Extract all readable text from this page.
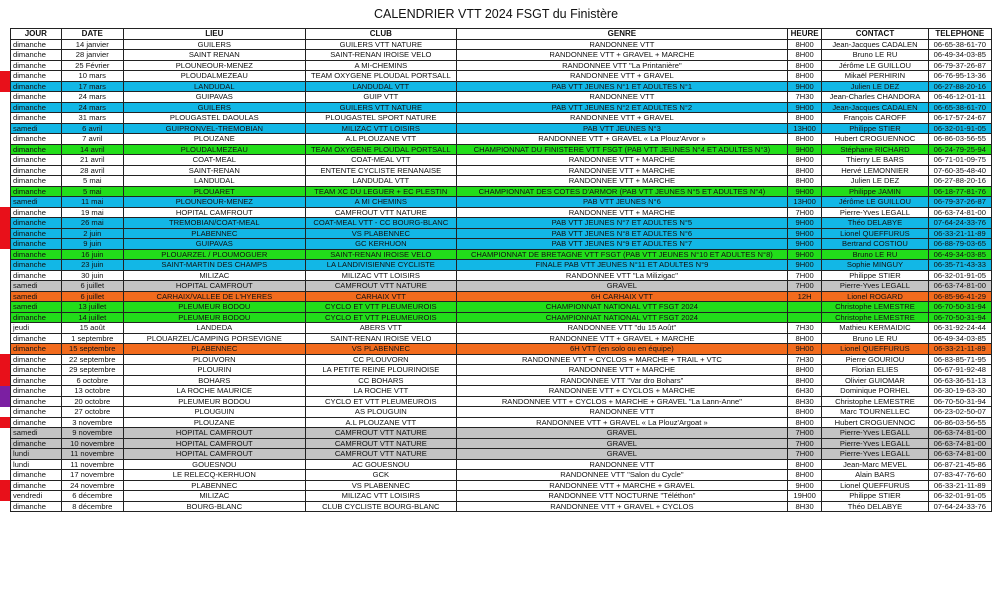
CALENDRIER VTT 2024 FSGT du Finistère
JOUR	DATE	LIEU	CLUB	GENRE	HEURE	CONTACT	TELEPHONE
dimanche	14 janvier	GUILERS	GUILERS VTT NATURE	RANDONNEE VTT	8H00	Jean-Jacques CADALEN	06-65-38-61-70
dimanche	28 janvier	SAINT RENAN	SAINT-RENAN IROISE VELO	RANDONNEE VTT + GRAVEL + MARCHE	8H00	Bruno LE RU	06-49-34-03-85
dimanche	25 Février	PLOUNEOUR-MENEZ	A MI-CHEMINS	RANDONNEE VTT "La Printanière"	8H00	Jérôme LE GUILLOU	06-79-37-26-87
dimanche	10 mars	PLOUDALMEZEAU	TEAM OXYGENE PLOUDAL PORTSALL	RANDONNEE VTT + GRAVEL	8H00	Mikaël PERHIRIN	06-76-95-13-36
dimanche	17 mars	LANDUDAL	LANDUDAL VTT	PAB VTT JEUNES N°1 ET ADULTES N°1	9H00	Julien LE DEZ	06-27-88-20-16
dimanche	24 mars	GUIPAVAS	GUIP VTT	RANDONNEE VTT	7H30	Jean-Charles CHANDORA	06-46-12-01-11
dimanche	24 mars	GUILERS	GUILERS VTT NATURE	PAB VTT JEUNES N°2 ET ADULTES N°2	9H00	Jean-Jacques CADALEN	06-65-38-61-70
dimanche	31 mars	PLOUGASTEL DAOULAS	PLOUGASTEL SPORT NATURE	RANDONNEE VTT + GRAVEL	8H00	François CAROFF	06-17-57-24-67
samedi	6 avril	GUIPRONVEL-TREMOBIAN	MILIZAC VTT LOISIRS	PAB VTT JEUNES N°3	13H00	Philippe STIER	06-32-01-91-05
dimanche	7 avril	PLOUZANE	A.L PLOUZANE VTT	RANDONNEE VTT + GRAVEL « La Plouz'Arvor »	8H00	Hubert CROGUENNOC	06-86-03-56-55
dimanche	14 avril	PLOUDALMEZEAU	TEAM OXYGENE PLOUDAL PORTSALL	CHAMPIONNAT DU FINISTERE VTT FSGT (PAB VTT JEUNES N°4 ET ADULTES N°3)	9H00	Stéphane RICHARD	06-24-79-25-94
dimanche	21 avril	COAT-MEAL	COAT-MEAL VTT	RANDONNEE VTT + MARCHE	8H00	Thierry LE BARS	06-71-01-09-75
dimanche	28 avril	SAINT-RENAN	ENTENTE CYCLISTE RENANAISE	RANDONNEE VTT + MARCHE	8H00	Hervé LEMONNIER	07-60-35-48-40
dimanche	5 mai	LANDUDAL	LANDUDAL VTT	RANDONNEE VTT + MARCHE	8H00	Julien LE DEZ	06-27-88-20-16
dimanche	5 mai	PLOUARET	TEAM XC DU LEGUER + EC PLESTIN	CHAMPIONNAT DES COTES D'ARMOR (PAB VTT JEUNES N°5 ET ADULTES N°4)	9H00	Philippe JAMIN	06-18-77-81-76
samedi	11 mai	PLOUNEOUR-MENEZ	A MI CHEMINS	PAB VTT JEUNES N°6	13H00	Jérôme LE GUILLOU	06-79-37-26-87
dimanche	19 mai	HOPITAL CAMFROUT	CAMFROUT VTT NATURE	RANDONNEE VTT + MARCHE	7H00	Pierre-Yves LEGALL	06-63-74-81-00
dimanche	26 mai	TREMOBIAN/COAT-MEAL	COAT-MEAL VTT - CC BOURG-BLANC	PAB VTT JEUNES N°7 ET ADULTES N°5	9H00	Théo DELABYE	07-64-24-33-76
dimanche	2 juin	PLABENNEC	VS PLABENNEC	PAB VTT JEUNES N°8 ET ADULTES N°6	9H00	Lionel QUEFFURUS	06-33-21-11-89
dimanche	9 juin	GUIPAVAS	GC KERHUON	PAB VTT JEUNES N°9 ET ADULTES N°7	9H00	Bertrand COSTIOU	06-88-79-03-65
dimanche	16 juin	PLOUARZEL / PLOUMOGUER	SAINT-RENAN IROISE VELO	CHAMPIONNAT DE BRETAGNE VTT FSGT (PAB VTT JEUNES N°10 ET ADULTES N°8)	9H00	Bruno LE RU	06-49-34-03-85
dimanche	23 juin	SAINT-MARTIN DES CHAMPS	LA LANDIVISIENNE CYCLISTE	FINALE PAB VTT JEUNES N°11 ET ADULTES N°9	9H00	Sophie MINGUY	06-35-71-43-33
dimanche	30 juin	MILIZAC	MILIZAC VTT LOISIRS	RANDONNEE VTT "La Milizigac"	7H00	Philippe STIER	06-32-01-91-05
samedi	6 juillet	HOPITAL CAMFROUT	CAMFROUT VTT NATURE	GRAVEL	7H00	Pierre-Yves LEGALL	06-63-74-81-00
samedi	6 juillet	CARHAIX/VALLEE DE L'HYERES	CARHAIX VTT	6H CARHAIX VTT	12H	Lionel ROGARD	06-85-96-41-29
samedi	13 juillet	PLEUMEUR BODOU	CYCLO ET VTT PLEUMEUROIS	CHAMPIONNAT NATIONAL VTT FSGT 2024		Christophe LEMESTRE	06-70-50-31-94
dimanche	14 juillet	PLEUMEUR BODOU	CYCLO ET VTT PLEUMEUROIS	CHAMPIONNAT NATIONAL VTT FSGT 2024		Christophe LEMESTRE	06-70-50-31-94
jeudi	15 août	LANDEDA	ABERS VTT	RANDONNEE VTT "du 15 Août"	7H30	Mathieu KERMAIDIC	06-31-92-24-44
dimanche	1 septembre	PLOUARZEL/CAMPING PORSEVIGNE	SAINT-RENAN IROISE VELO	RANDONNEE VTT + GRAVEL + MARCHE	8H00	Bruno LE RU	06-49-34-03-85
dimanche	15 septembre	PLABENNEC	VS PLABENNEC	6H VTT (en solo ou en équipe)	9H00	Lionel QUEFFURUS	06-33-21-11-89
dimanche	22 septembre	PLOUVORN	CC PLOUVORN	RANDONNEE VTT + CYCLOS + MARCHE + TRAIL + VTC	7H30	Pierre GOURIOU	06-83-85-71-95
dimanche	29 septembre	PLOURIN	LA PETITE REINE PLOURINOISE	RANDONNEE VTT + MARCHE	8H00	Florian ELIES	06-67-91-92-48
dimanche	6 octobre	BOHARS	CC BOHARS	RANDONNEE VTT "Var dro Bohars"	8H00	Olivier GUIOMAR	06-63-36-51-13
dimanche	13 octobre	LA ROCHE MAURICE	LA ROCHE VTT	RANDONNEE VTT + CYCLOS + MARCHE	6H30	Dominique PORHEL	06-30-19-63-30
dimanche	20 octobre	PLEUMEUR BODOU	CYCLO ET VTT PLEUMEUROIS	RANDONNEE VTT + CYCLOS + MARCHE + GRAVEL "La Lann-Anne"	8H30	Christophe LEMESTRE	06-70-50-31-94
dimanche	27 octobre	PLOUGUIN	AS PLOUGUIN	RANDONNEE VTT	8H00	Marc TOURNELLEC	06-23-02-50-07
dimanche	3 novembre	PLOUZANE	A.L PLOUZANE VTT	RANDONNEE VTT + GRAVEL « La Plouz'Argoat »	8H00	Hubert CROGUENNOC	06-86-03-56-55
samedi	9 novembre	HOPITAL CAMFROUT	CAMFROUT VTT NATURE	GRAVEL	7H00	Pierre-Yves LEGALL	06-63-74-81-00
dimanche	10 novembre	HOPITAL CAMFROUT	CAMFROUT VTT NATURE	GRAVEL	7H00	Pierre-Yves LEGALL	06-63-74-81-00
lundi	11 novembre	HOPITAL CAMFROUT	CAMFROUT VTT NATURE	GRAVEL	7H00	Pierre-Yves LEGALL	06-63-74-81-00
lundi	11 novembre	GOUESNOU	AC GOUESNOU	RANDONNEE VTT	8H00	Jean-Marc MEVEL	06-87-21-45-86
dimanche	17 novembre	LE RELECQ-KERHUON	GCK	RANDONNEE VTT "Salon du Cycle"	8H00	Alain BARS	07-83-47-76-60
dimanche	24 novembre	PLABENNEC	VS PLABENNEC	RANDONNEE VTT + MARCHE + GRAVEL	9H00	Lionel QUEFFURUS	06-33-21-11-89
vendredi	6 décembre	MILIZAC	MILIZAC VTT LOISIRS	RANDONNEE VTT NOCTURNE "Téléthon"	19H00	Philippe STIER	06-32-01-91-05
dimanche	8 décembre	BOURG-BLANC	CLUB CYCLISTE BOURG-BLANC	RANDONNEE VTT + GRAVEL + CYCLOS	8H30	Théo DELABYE	07-64-24-33-76
